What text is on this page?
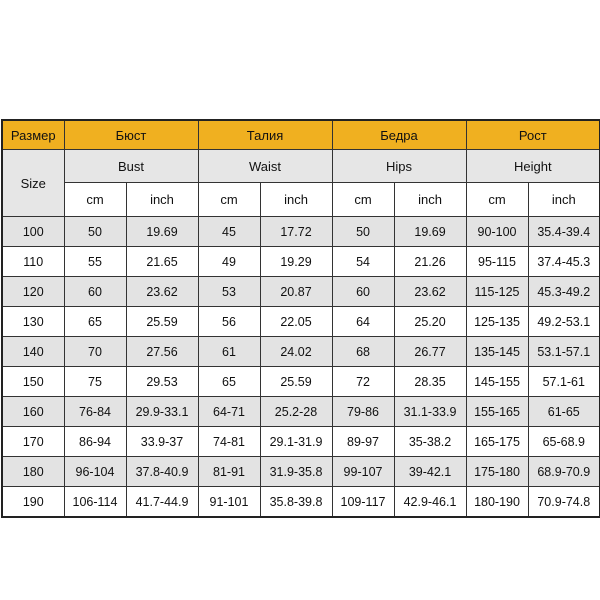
Размер	Бюст		Талия		Бедра		Рост	
Size	Bust		Waist		Hips		Height	
	cm	inch	cm	inch	cm	inch	cm	inch
100	50	19.69	45	17.72	50	19.69	90-100	35.4-39.4
110	55	21.65	49	19.29	54	21.26	95-115	37.4-45.3
120	60	23.62	53	20.87	60	23.62	115-125	45.3-49.2
130	65	25.59	56	22.05	64	25.20	125-135	49.2-53.1
140	70	27.56	61	24.02	68	26.77	135-145	53.1-57.1
150	75	29.53	65	25.59	72	28.35	145-155	57.1-61
160	76-84	29.9-33.1	64-71	25.2-28	79-86	31.1-33.9	155-165	61-65
170	86-94	33.9-37	74-81	29.1-31.9	89-97	35-38.2	165-175	65-68.9
180	96-104	37.8-40.9	81-91	31.9-35.8	99-107	39-42.1	175-180	68.9-70.9
190	106-114	41.7-44.9	91-101	35.8-39.8	109-117	42.9-46.1	180-190	70.9-74.8
